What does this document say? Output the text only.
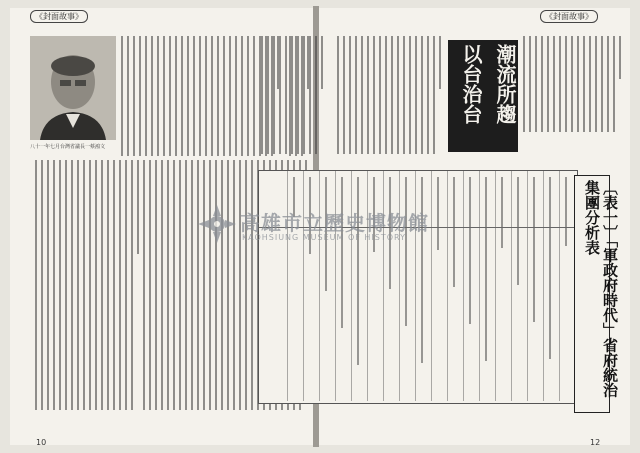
《封面故事》	《封面故事》
八十一年七月台灣省議長一蔡鴻文
潮流所趨
以台治台
〔表一〕「軍政府時代」省府統治集團分析表
高雄市立歷史博物館
KAOHSIUNG MUSEUM OF HISTORY
10	12
